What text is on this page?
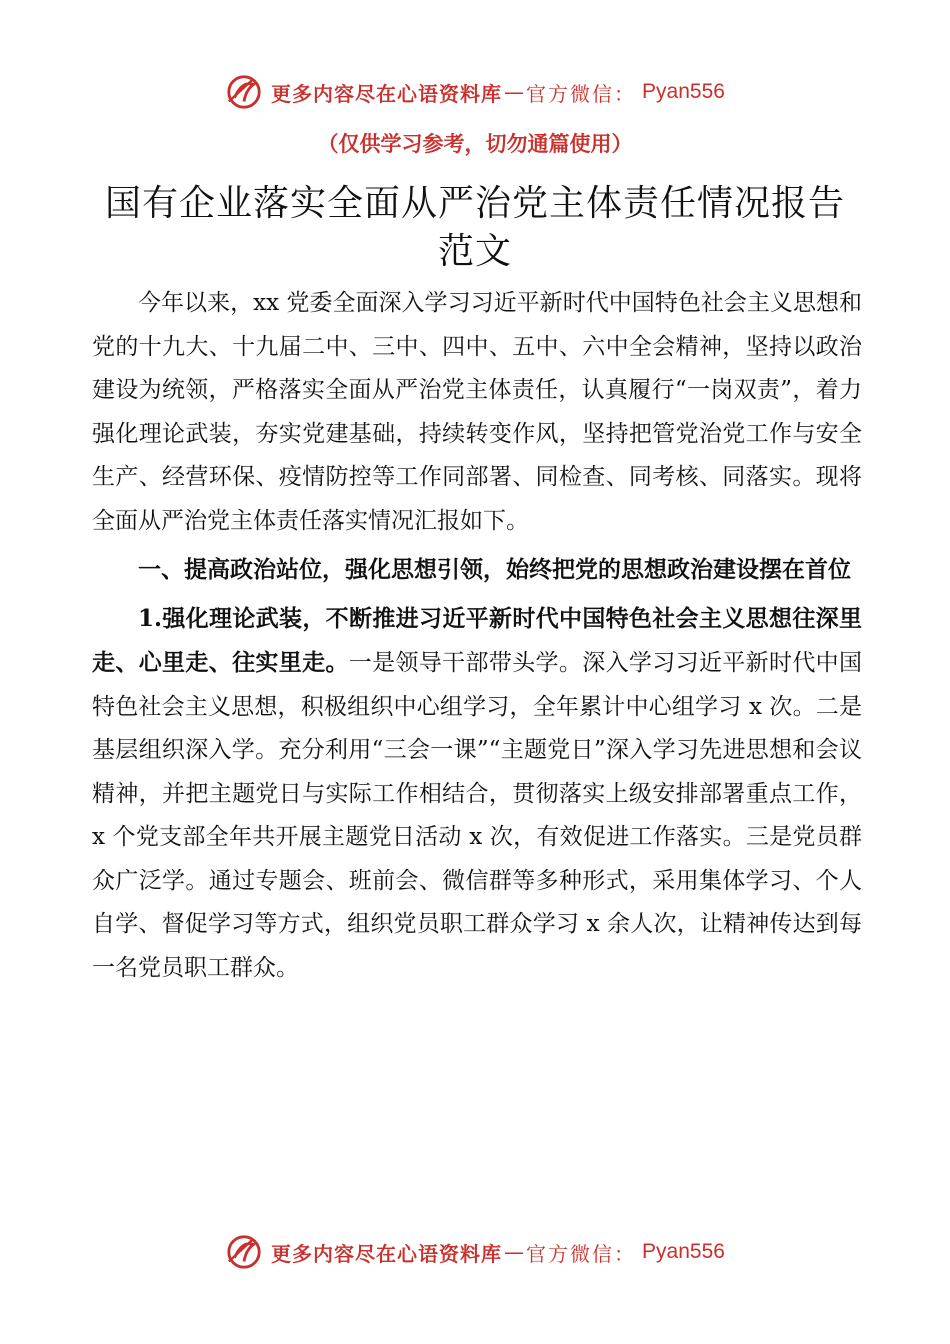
更多内容尽在心语资料库 — 官方微信： Pyan556
（仅供学习参考，切勿通篇使用）
国有企业落实全面从严治党主体责任情况报告范文

今年以来，xx 党委全面深入学习习近平新时代中国特色社会主义思想和党的十九大、十九届二中、三中、四中、五中、六中全会精神，坚持以政治建设为统领，严格落实全面从严治党主体责任，认真履行“一岗双责”，着力强化理论武装，夯实党建基础，持续转变作风，坚持把管党治党工作与安全生产、经营环保、疫情防控等工作同部署、同检查、同考核、同落实。现将全面从严治党主体责任落实情况汇报如下。

一、提高政治站位，强化思想引领，始终把党的思想政治建设摆在首位

1.强化理论武装，不断推进习近平新时代中国特色社会主义思想往深里走、心里走、往实里走。一是领导干部带头学。深入学习习近平新时代中国特色社会主义思想，积极组织中心组学习，全年累计中心组学习 x 次。二是基层组织深入学。充分利用“三会一课”“主题党日”深入学习先进思想和会议精神，并把主题党日与实际工作相结合，贯彻落实上级安排部署重点工作，x 个党支部全年共开展主题党日活动 x 次，有效促进工作落实。三是党员群众广泛学。通过专题会、班前会、微信群等多种形式，采用集体学习、个人自学、督促学习等方式，组织党员职工群众学习 x 余人次，让精神传达到每一名党员职工群众。

更多内容尽在心语资料库 — 官方微信： Pyan556
